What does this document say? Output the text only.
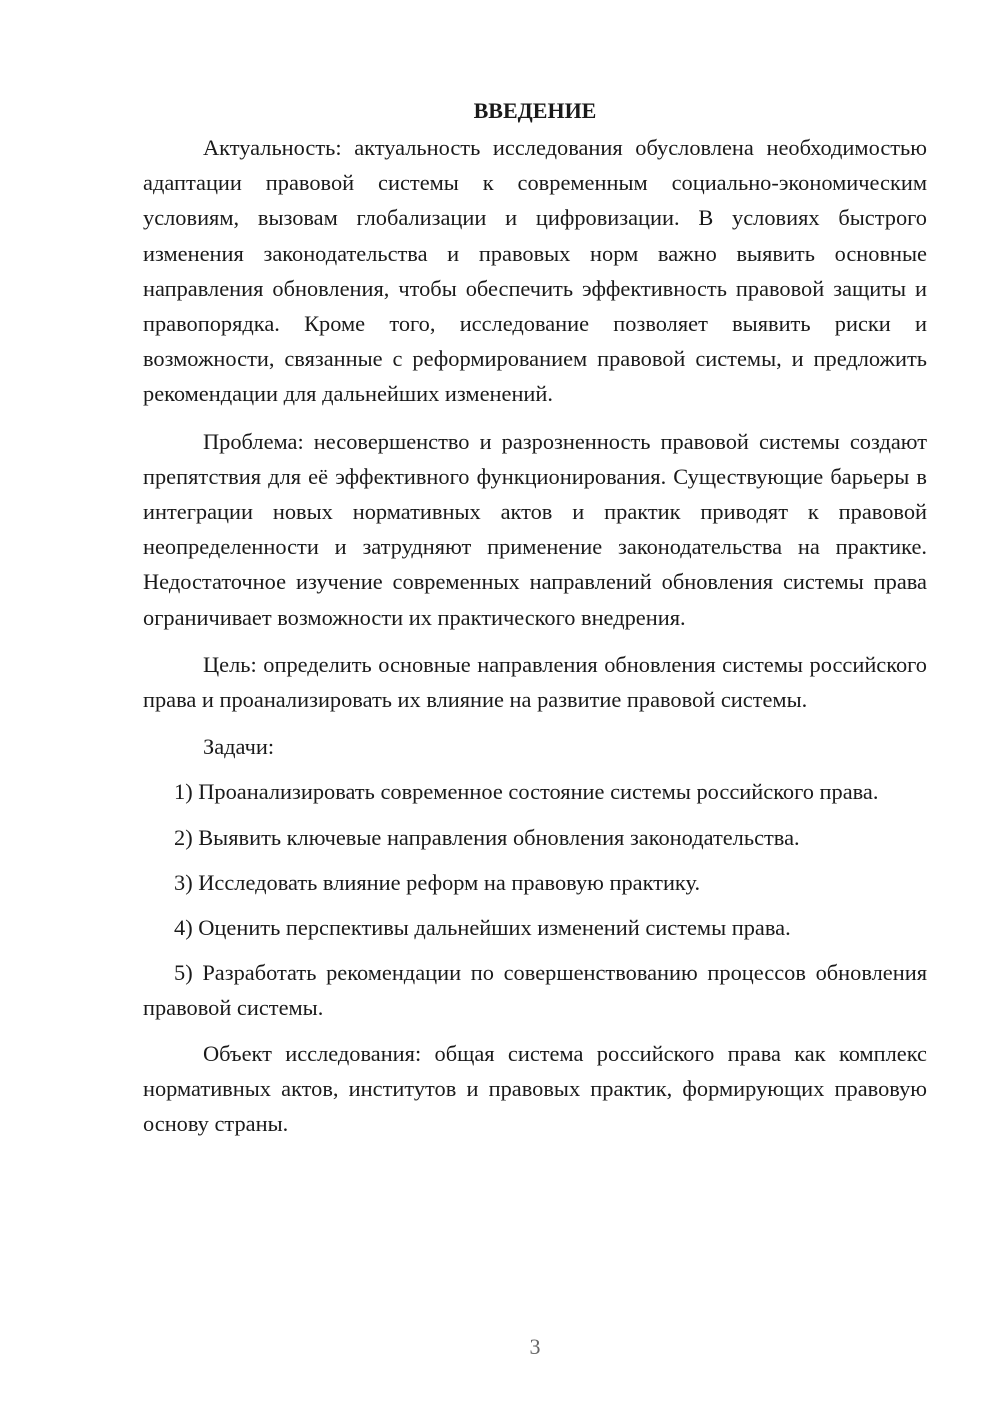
ВВЕДЕНИЕ

Актуальность: актуальность исследования обусловлена необходимостью адаптации правовой системы к современным социально-экономическим условиям, вызовам глобализации и цифровизации. В условиях быстрого изменения законодательства и правовых норм важно выявить основные направления обновления, чтобы обеспечить эффективность правовой защиты и правопорядка. Кроме того, исследование позволяет выявить риски и возможности, связанные с реформированием правовой системы, и предложить рекомендации для дальнейших изменений.

Проблема: несовершенство и разрозненность правовой системы создают препятствия для её эффективного функционирования. Существующие барьеры в интеграции новых нормативных актов и практик приводят к правовой неопределенности и затрудняют применение законодательства на практике. Недостаточное изучение современных направлений обновления системы права ограничивает возможности их практического внедрения.

Цель: определить основные направления обновления системы российского права и проанализировать их влияние на развитие правовой системы.

Задачи:

1) Проанализировать современное состояние системы российского права.

2) Выявить ключевые направления обновления законодательства.

3) Исследовать влияние реформ на правовую практику.

4) Оценить перспективы дальнейших изменений системы права.

5) Разработать рекомендации по совершенствованию процессов обновления правовой системы.

Объект исследования: общая система российского права как комплекс нормативных актов, институтов и правовых практик, формирующих правовую основу страны.

3
